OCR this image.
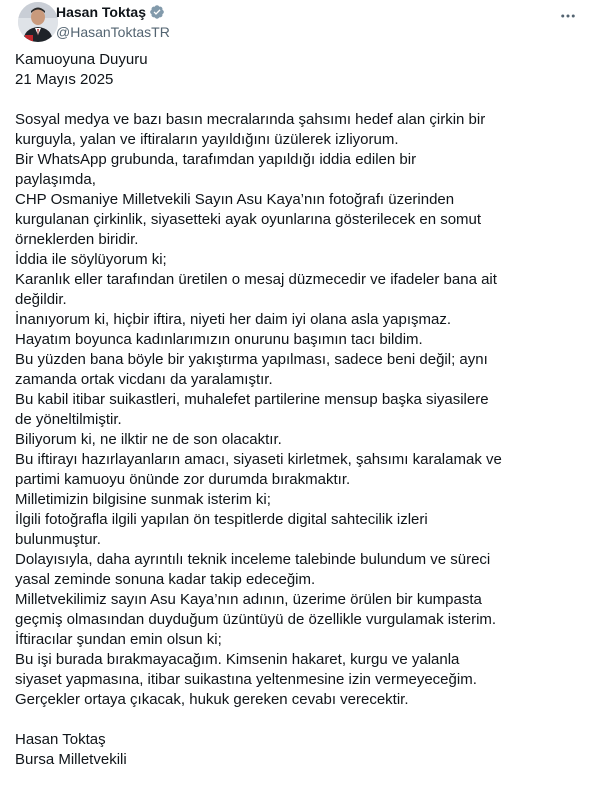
Hasan Toktaş
@HasanToktasTR
Kamuoyuna Duyuru
21 Mayıs 2025
Sosyal medya ve bazı basın mecralarında şahsımı hedef alan çirkin bir
kurguyla, yalan ve iftiraların yayıldığını üzülerek izliyorum.
Bir WhatsApp grubunda, tarafımdan yapıldığı iddia edilen bir
paylaşımda,
CHP Osmaniye Milletvekili Sayın Asu Kaya’nın fotoğrafı üzerinden
kurgulanan çirkinlik, siyasetteki ayak oyunlarına gösterilecek en somut
örneklerden biridir.
İddia ile söylüyorum ki;
Karanlık eller tarafından üretilen o mesaj düzmecedir ve ifadeler bana ait
değildir.
İnanıyorum ki, hiçbir iftira, niyeti her daim iyi olana asla yapışmaz.
Hayatım boyunca kadınlarımızın onurunu başımın tacı bildim.
Bu yüzden bana böyle bir yakıştırma yapılması, sadece beni değil; aynı
zamanda ortak vicdanı da yaralamıştır.
Bu kabil itibar suikastleri, muhalefet partilerine mensup başka siyasilere
de yöneltilmiştir.
Biliyorum ki, ne ilktir ne de son olacaktır.
Bu iftirayı hazırlayanların amacı, siyaseti kirletmek, şahsımı karalamak ve
partimi kamuoyu önünde zor durumda bırakmaktır.
Milletimizin bilgisine sunmak isterim ki;
İlgili fotoğrafla ilgili yapılan ön tespitlerde digital sahtecilik izleri
bulunmuştur.
Dolayısıyla, daha ayrıntılı teknik inceleme talebinde bulundum ve süreci
yasal zeminde sonuna kadar takip edeceğim.
Milletvekilimiz sayın Asu Kaya’nın adının, üzerime örülen bir kumpasta
geçmiş olmasından duyduğum üzüntüyü de özellikle vurgulamak isterim.
İftiracılar şundan emin olsun ki;
Bu işi burada bırakmayacağım. Kimsenin hakaret, kurgu ve yalanla
siyaset yapmasına, itibar suikastına yeltenmesine izin vermeyeceğim.
Gerçekler ortaya çıkacak, hukuk gereken cevabı verecektir.
Hasan Toktaş
Bursa Milletvekili
